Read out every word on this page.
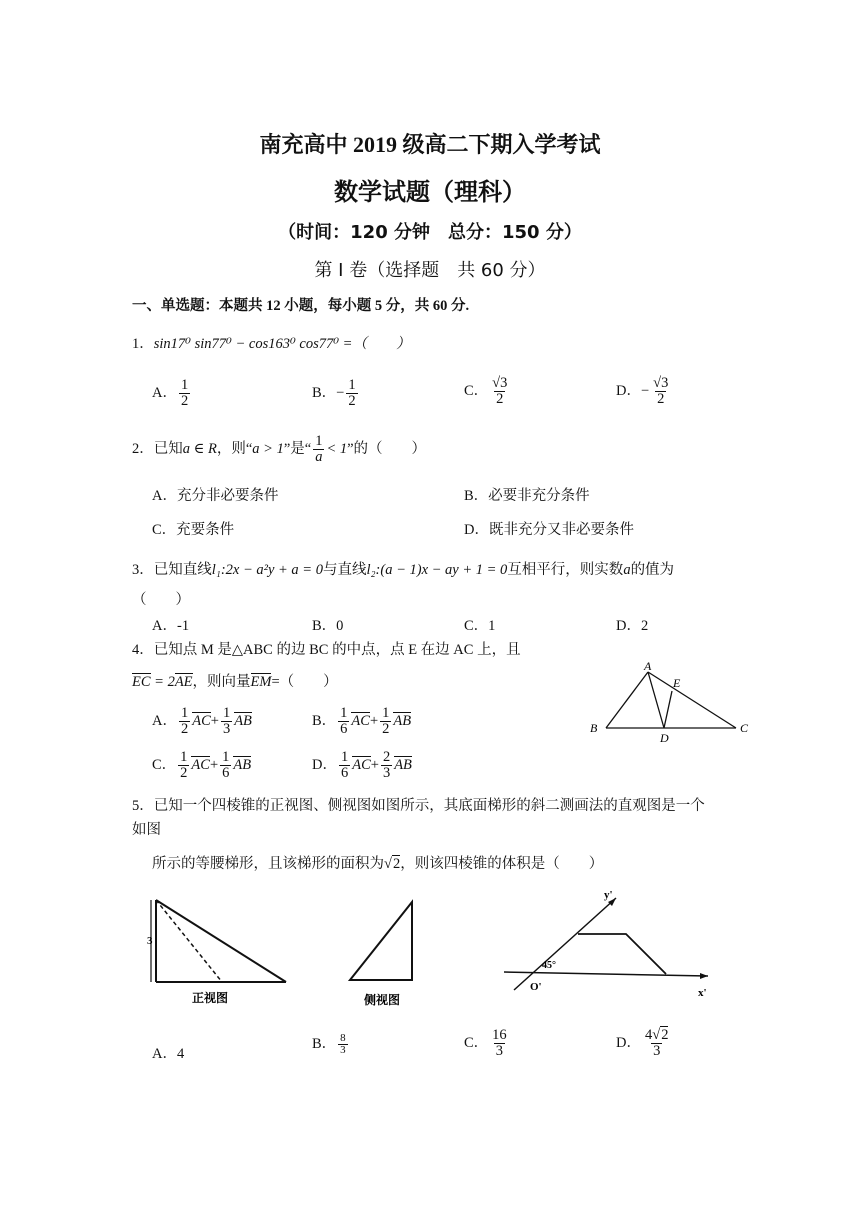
南充高中 2019 级高二下期入学考试
数学试题（理科）
（时间：120 分钟　总分：150 分）
第 Ⅰ 卷（选择题　共 60 分）
一、单选题：本题共 12 小题，每小题 5 分，共 60 分.
1．sin17⁰ sin77⁰ − cos163⁰ cos77⁰ =（　　）
A． $\frac{1}{2}$	B．− $\frac{1}{2}$	C． $\frac{√3}{2}$	D．− $\frac{√3}{2}$
2．已知a ∈ R，则“a > 1”是“ $\frac{1}{a} < 1$”的（　　）
A．充分非必要条件	B．必要非充分条件
C．充要条件	D．既非充分又非必要条件
3．已知直线l₁:2x − a²y + a = 0与直线l₂:(a − 1)x − ay + 1 = 0互相平行，则实数a的值为
（　　）
A．-1	B．0	C．1	D．2
4．已知点 M 是△ABC 的边 BC 的中点，点 E 在边 AC 上，且
EC = 2AE，则向量EM=（　　）
A． $\frac{1}{2} AC+ \frac{1}{3}$ AB	B． $\frac{1}{6} AC+ \frac{1}{2}$ AB
C． $\frac{1}{2} AC+ \frac{1}{6}$ AB	D． $\frac{1}{6} AC+ \frac{2}{3}$ AB
A
E
B	C
D
5．已知一个四棱锥的正视图、侧视图如图所示，其底面梯形的斜二测画法的直观图是一个
如图
所示的等腰梯形，且该梯形的面积为√2，则该四棱锥的体积是（　　）
3
正视图	侧视图
y'
x'
O'
45°
A．4
B． $\frac{8}{3}$	C． $\frac{16}{3}$	D． $\frac{4√2}{3}$
